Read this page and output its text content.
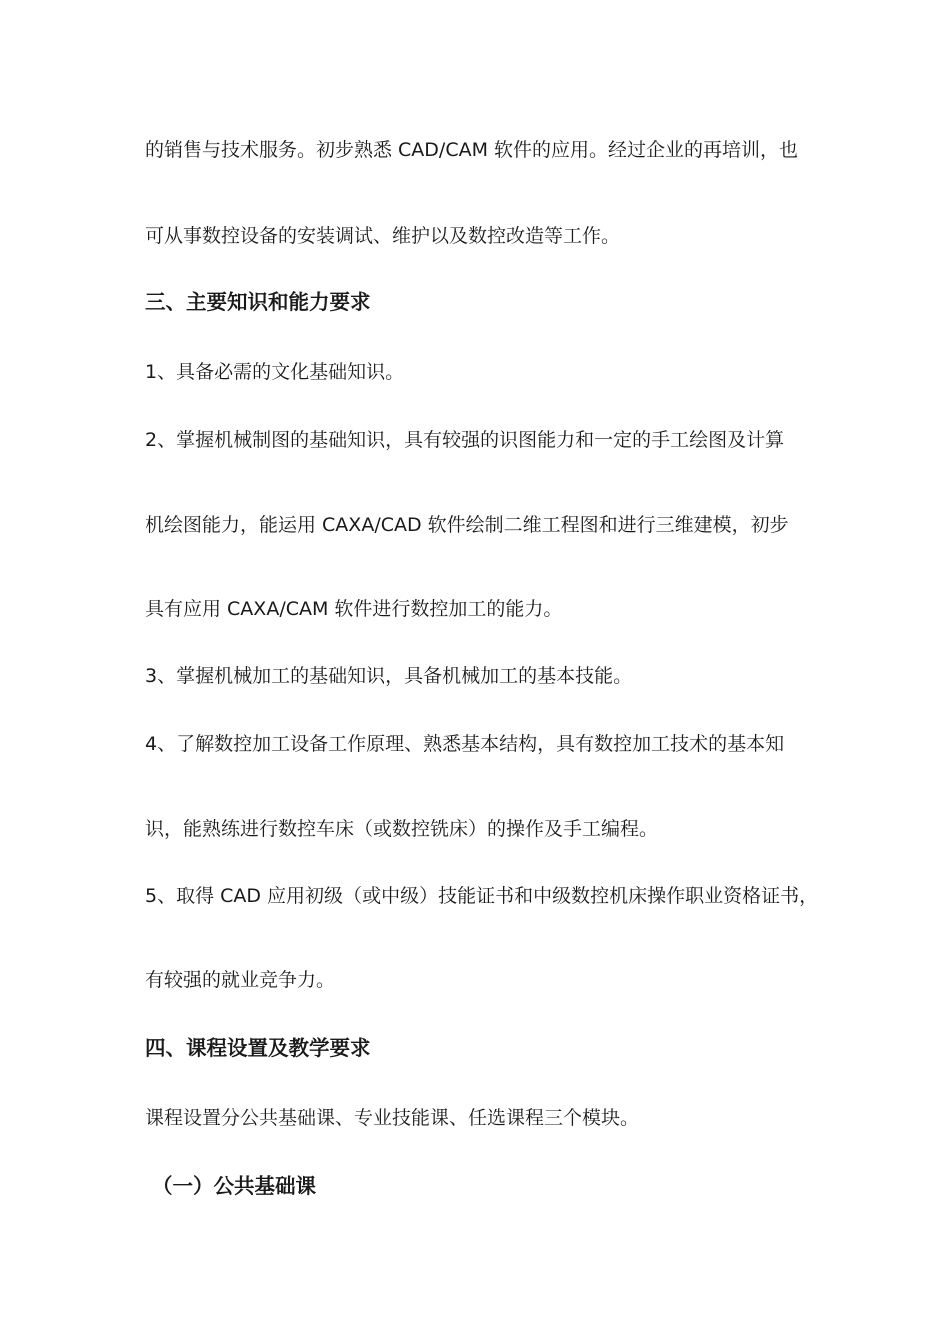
的销售与技术服务。初步熟悉 CAD/CAM 软件的应用。经过企业的再培训，也
可从事数控设备的安装调试、维护以及数控改造等工作。
三、主要知识和能力要求
1、具备必需的文化基础知识。
2、掌握机械制图的基础知识，具有较强的识图能力和一定的手工绘图及计算
机绘图能力，能运用 CAXA/CAD 软件绘制二维工程图和进行三维建模，初步
具有应用 CAXA/CAM 软件进行数控加工的能力。
3、掌握机械加工的基础知识，具备机械加工的基本技能。
4、了解数控加工设备工作原理、熟悉基本结构，具有数控加工技术的基本知
识，能熟练进行数控车床（或数控铣床）的操作及手工编程。
5、取得 CAD 应用初级（或中级）技能证书和中级数控机床操作职业资格证书，
有较强的就业竞争力。
四、课程设置及教学要求
课程设置分公共基础课、专业技能课、任选课程三个模块。
（一）公共基础课
